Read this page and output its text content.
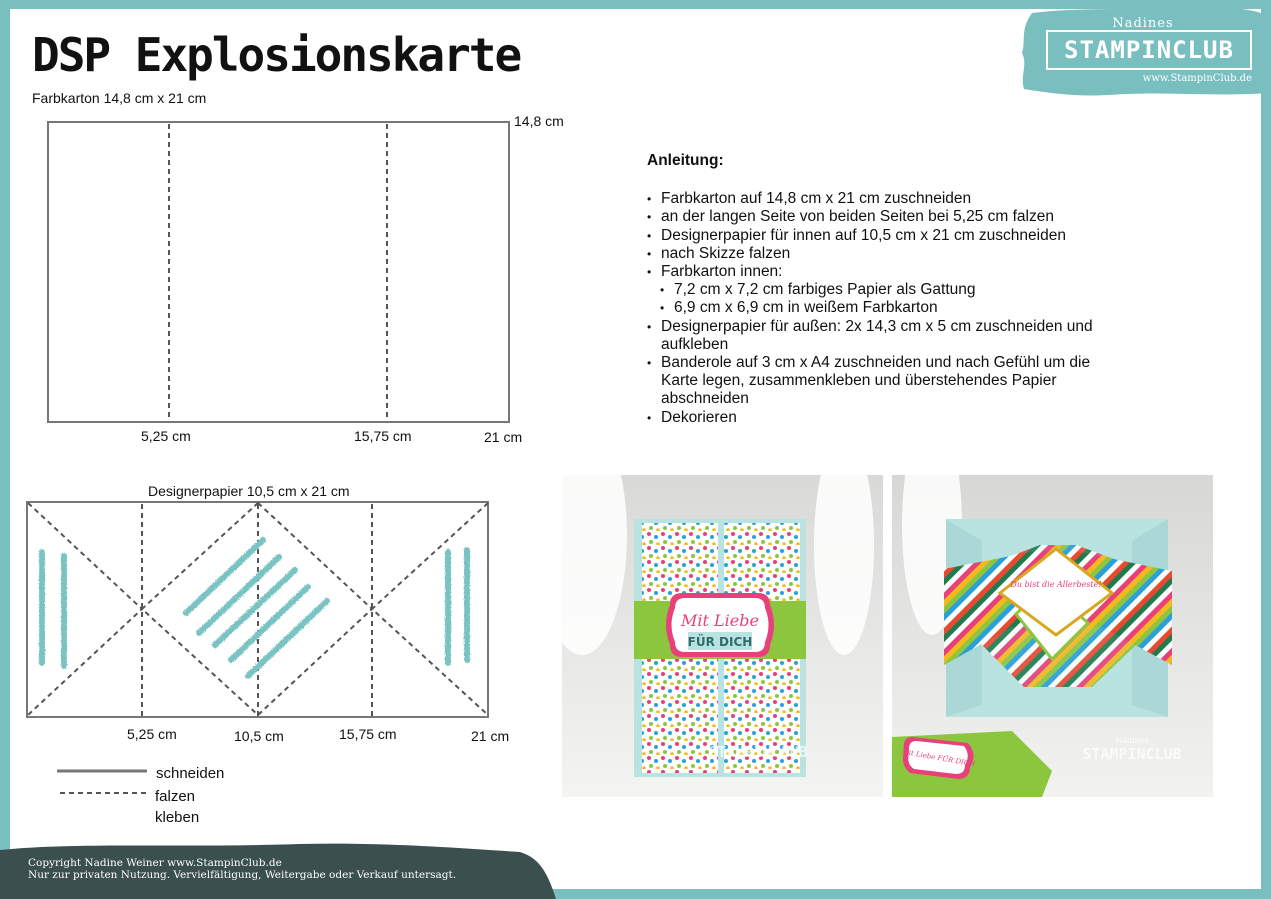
DSP Explosionskarte
Nadines
STAMPINCLUB
www.StampinClub.de
Farbkarton 14,8 cm x 21 cm
14,8 cm
5,25 cm	15,75 cm	21 cm
Designerpapier 10,5 cm x 21 cm
5,25 cm	10,5 cm	15,75 cm	21 cm
schneiden
falzen
kleben
Anleitung:
• Farbkarton auf 14,8 cm x 21 cm zuschneiden
• an der langen Seite von beiden Seiten bei 5,25 cm falzen
• Designerpapier für innen auf 10,5 cm x 21 cm zuschneiden
• nach Skizze falzen
• Farbkarton innen:
• 7,2 cm x 7,2 cm farbiges Papier als Gattung
• 6,9 cm x 6,9 cm in weißem Farbkarton
• Designerpapier für außen: 2x 14,3 cm x 5 cm zuschneiden und aufkleben
• Banderole auf 3 cm x A4 zuschneiden und nach Gefühl um die Karte legen, zusammenkleben und überstehendes Papier abschneiden
• Dekorieren
Mit Liebe
FÜR DICH
STAMPINCLUB
Du bist die Allerbeste!
Mit Liebe FÜR DICH
Nadines
STAMPINCLUB
Copyright Nadine Weiner www.StampinClub.de
Nur zur privaten Nutzung. Vervielfältigung, Weitergabe oder Verkauf untersagt.
